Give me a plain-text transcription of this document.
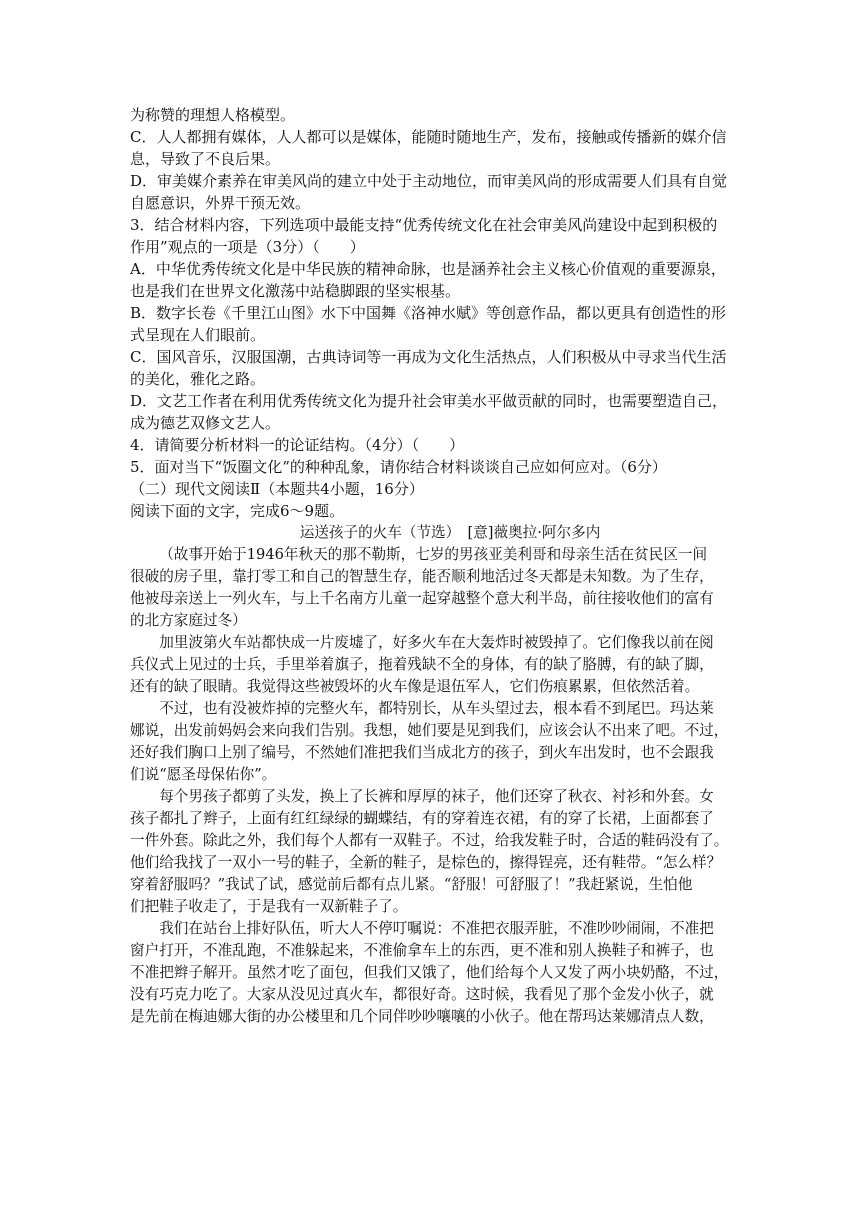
为称赞的理想人格模型。

C．人人都拥有媒体，人人都可以是媒体，能随时随地生产，发布，接触或传播新的媒介信

息，导致了不良后果。

D．审美媒介素养在审美风尚的建立中处于主动地位，而审美风尚的形成需要人们具有自觉

自愿意识，外界干预无效。

3．结合材料内容，下列选项中最能支持“优秀传统文化在社会审美风尚建设中起到积极的

作用”观点的一项是（3分）（　　）

A．中华优秀传统文化是中华民族的精神命脉，也是涵养社会主义核心价值观的重要源泉，

也是我们在世界文化激荡中站稳脚跟的坚实根基。

B．数字长卷《千里江山图》水下中国舞《洛神水赋》等创意作品，都以更具有创造性的形

式呈现在人们眼前。

C．国风音乐，汉服国潮，古典诗词等一再成为文化生活热点，人们积极从中寻求当代生活

的美化，雅化之路。

D．文艺工作者在利用优秀传统文化为提升社会审美水平做贡献的同时，也需要塑造自己，

成为德艺双修文艺人。

4．请简要分析材料一的论证结构。（4分）（　　）

5．面对当下“饭圈文化”的种种乱象，请你结合材料谈谈自己应如何应对。（6分）

（二）现代文阅读Ⅱ（本题共4小题，16分）

阅读下面的文字，完成6～9题。

运送孩子的火车（节选）　[意]薇奥拉·阿尔多内

（故事开始于1946年秋天的那不勒斯，七岁的男孩亚美利哥和母亲生活在贫民区一间

很破的房子里，靠打零工和自己的智慧生存，能否顺利地活过冬天都是未知数。为了生存，

他被母亲送上一列火车，与上千名南方儿童一起穿越整个意大利半岛，前往接收他们的富有

的北方家庭过冬）

加里波第火车站都快成一片废墟了，好多火车在大轰炸时被毁掉了。它们像我以前在阅

兵仪式上见过的士兵，手里举着旗子，拖着残缺不全的身体，有的缺了胳膊，有的缺了脚，

还有的缺了眼睛。我觉得这些被毁坏的火车像是退伍军人，它们伤痕累累，但依然活着。

不过，也有没被炸掉的完整火车，都特别长，从车头望过去，根本看不到尾巴。玛达莱

娜说，出发前妈妈会来向我们告别。我想，她们要是见到我们，应该会认不出来了吧。不过，

还好我们胸口上别了编号，不然她们准把我们当成北方的孩子，到火车出发时，也不会跟我

们说“愿圣母保佑你”。

每个男孩子都剪了头发，换上了长裤和厚厚的袜子，他们还穿了秋衣、衬衫和外套。女

孩子都扎了辫子，上面有红红绿绿的蝴蝶结，有的穿着连衣裙，有的穿了长裙，上面都套了

一件外套。除此之外，我们每个人都有一双鞋子。不过，给我发鞋子时，合适的鞋码没有了。

他们给我找了一双小一号的鞋子，全新的鞋子，是棕色的，擦得锃亮，还有鞋带。“怎么样？

穿着舒服吗？”我试了试，感觉前后都有点儿紧。“舒服！可舒服了！”我赶紧说，生怕他

们把鞋子收走了，于是我有一双新鞋子了。

我们在站台上排好队伍，听大人不停叮嘱说：不准把衣服弄脏，不准吵吵闹闹，不准把

窗户打开，不准乱跑，不准躲起来，不准偷拿车上的东西，更不准和别人换鞋子和裤子，也

不准把辫子解开。虽然才吃了面包，但我们又饿了，他们给每个人又发了两小块奶酪，不过，

没有巧克力吃了。大家从没见过真火车，都很好奇。这时候，我看见了那个金发小伙子，就

是先前在梅迪娜大街的办公楼里和几个同伴吵吵嚷嚷的小伙子。他在帮玛达莱娜清点人数，
